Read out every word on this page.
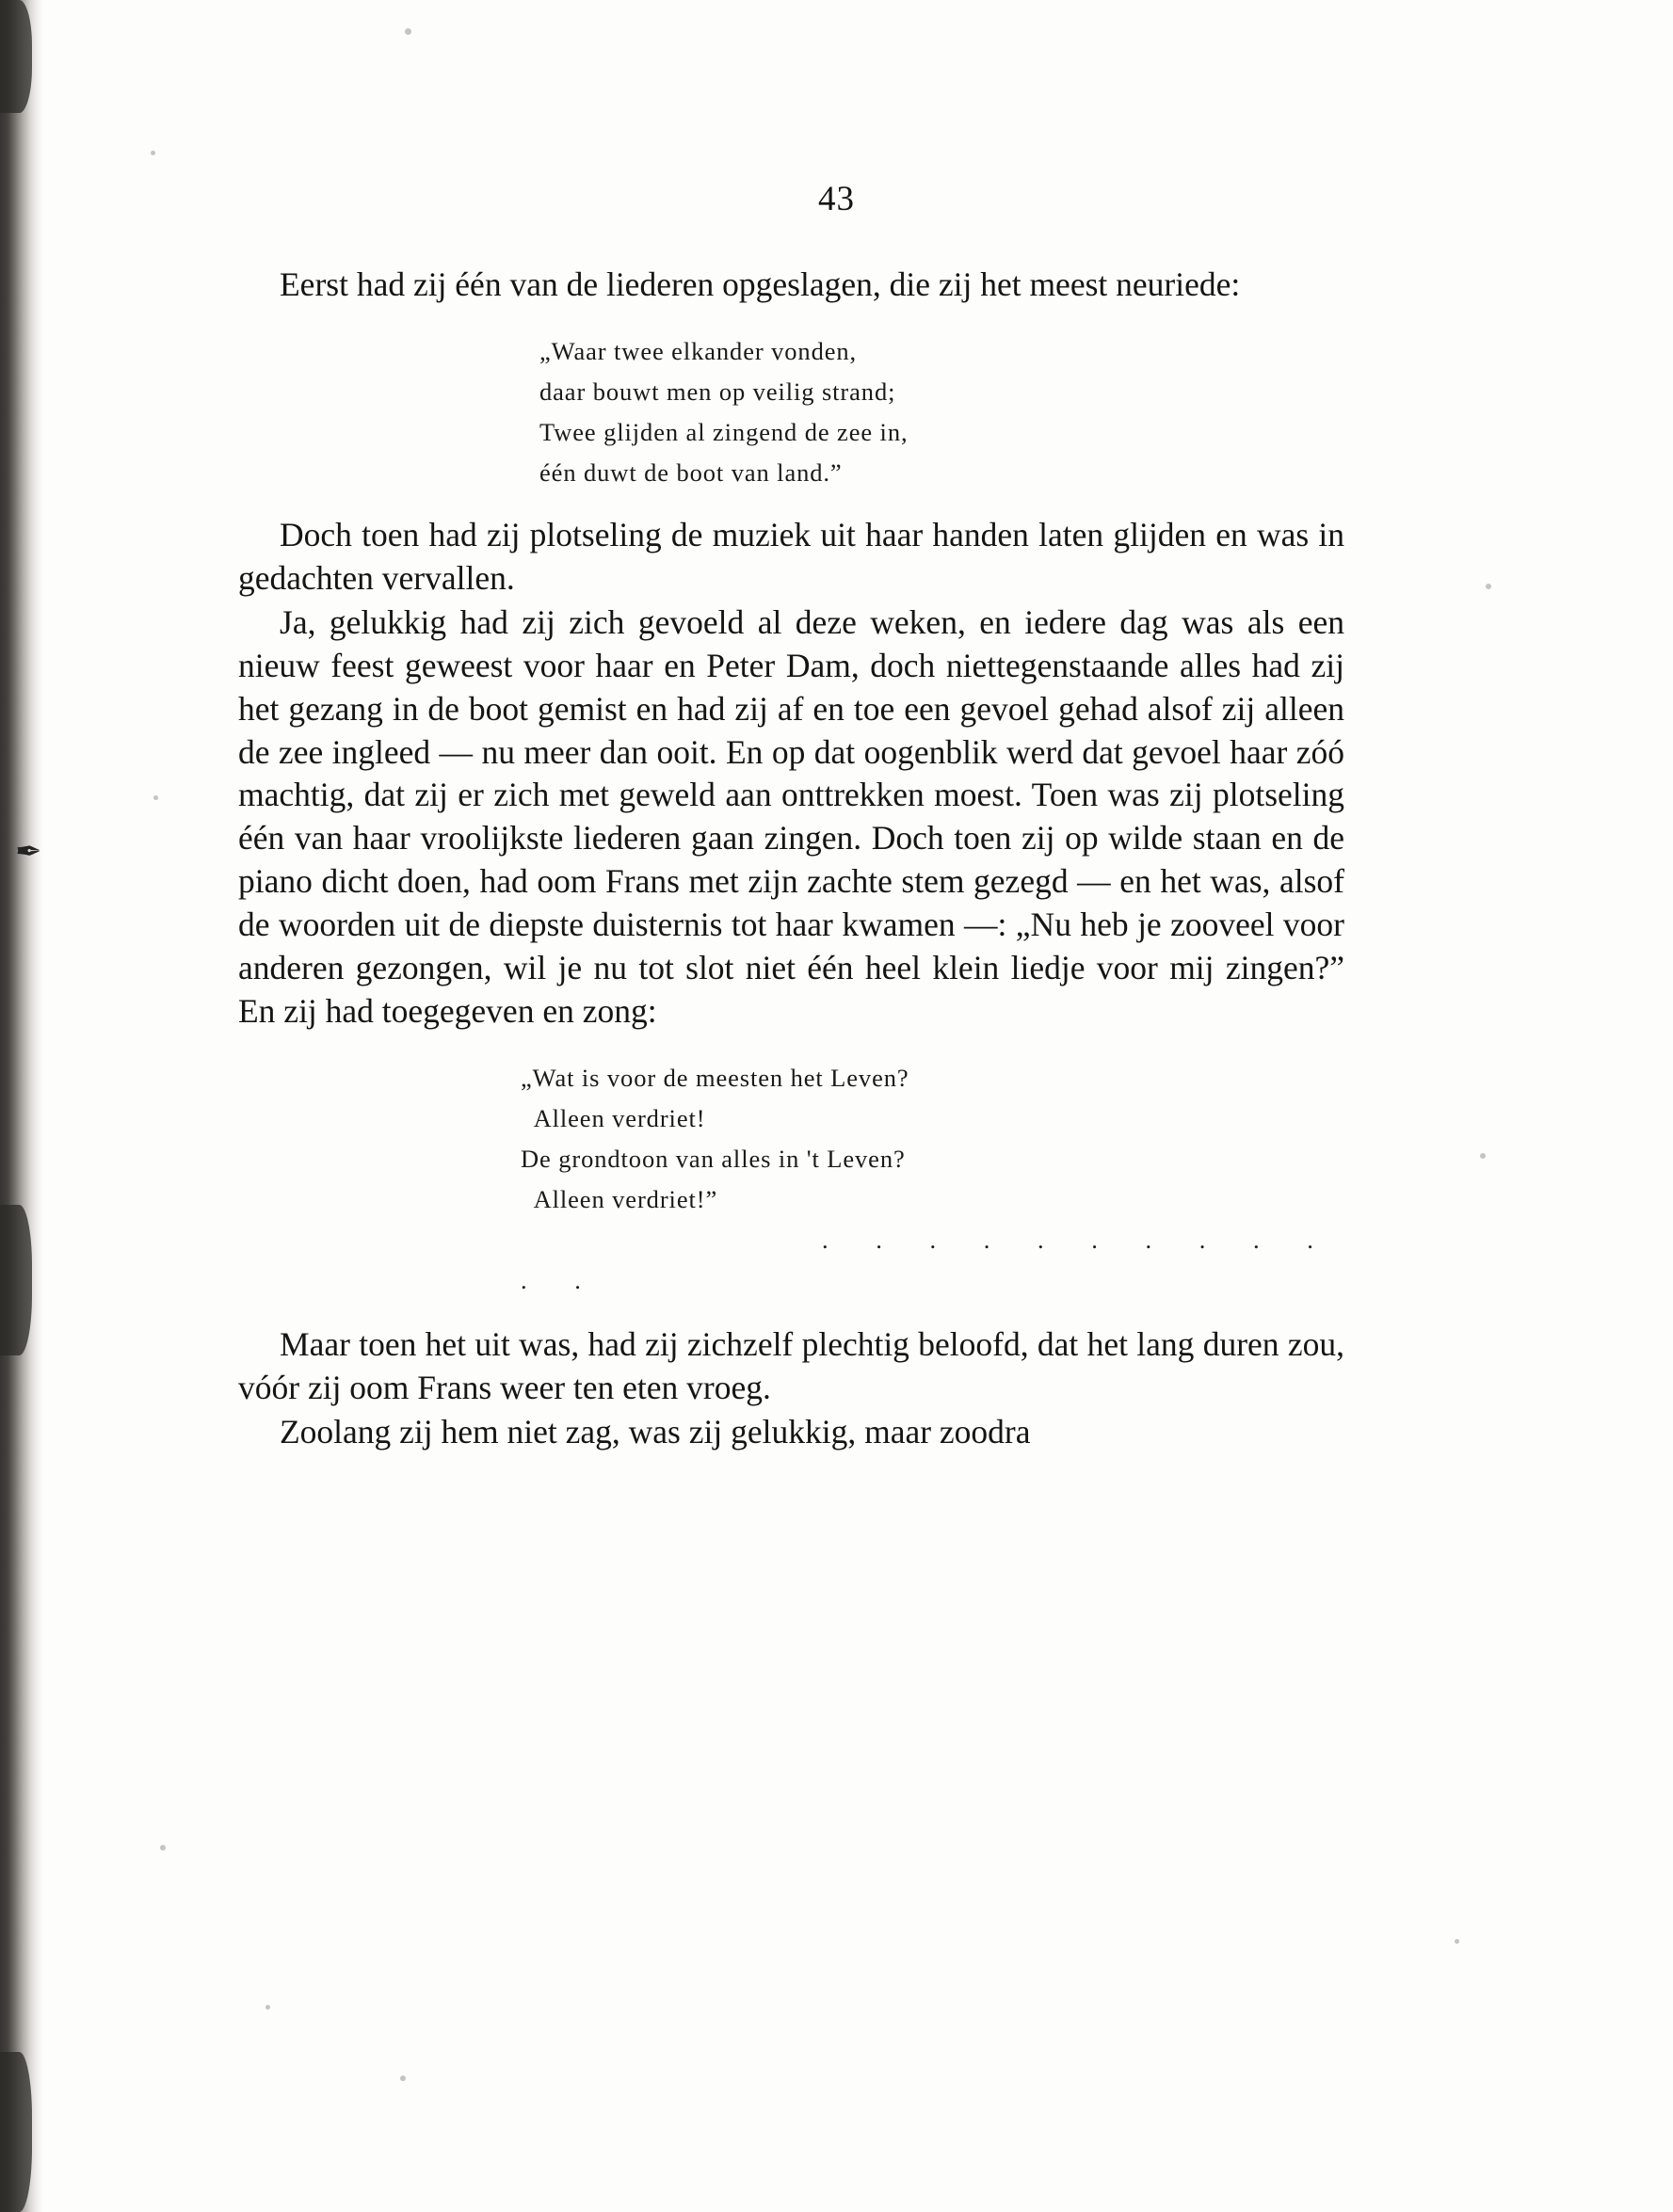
✒
43

Eerst had zij één van de liederen opgeslagen, die zij het meest neuriede:

„Waar twee elkander vonden,
daar bouwt men op veilig strand;
Twee glijden al zingend de zee in,
één duwt de boot van land.”

Doch toen had zij plotseling de muziek uit haar handen laten glijden en was in gedachten vervallen.

Ja, gelukkig had zij zich gevoeld al deze weken, en iedere dag was als een nieuw feest geweest voor haar en Peter Dam, doch niettegenstaande alles had zij het gezang in de boot gemist en had zij af en toe een gevoel gehad alsof zij alleen de zee ingleed — nu meer dan ooit. En op dat oogenblik werd dat gevoel haar zóó machtig, dat zij er zich met geweld aan onttrekken moest. Toen was zij plotseling één van haar vroolijkste liederen gaan zingen. Doch toen zij op wilde staan en de piano dicht doen, had oom Frans met zijn zachte stem gezegd — en het was, alsof de woorden uit de diepste duisternis tot haar kwamen —: „Nu heb je zooveel voor anderen gezongen, wil je nu tot slot niet één heel klein liedje voor mij zingen?” En zij had toegegeven en zong:

„Wat is voor de meesten het Leven?
Alleen verdriet!
De grondtoon van alles in 't Leven?
Alleen verdriet!”
. . . . . . . . . . . .

Maar toen het uit was, had zij zichzelf plechtig beloofd, dat het lang duren zou, vóór zij oom Frans weer ten eten vroeg.

Zoolang zij hem niet zag, was zij gelukkig, maar zoodra
